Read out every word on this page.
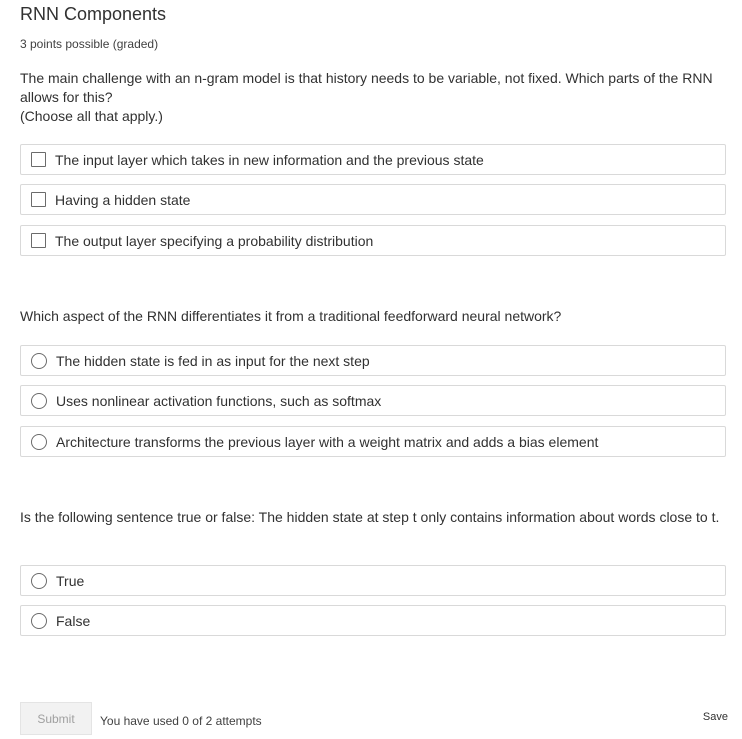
RNN Components
3 points possible (graded)
The main challenge with an n-gram model is that history needs to be variable, not fixed. Which parts of the RNN allows for this?
(Choose all that apply.)
The input layer which takes in new information and the previous state
Having a hidden state
The output layer specifying a probability distribution
Which aspect of the RNN differentiates it from a traditional feedforward neural network?
The hidden state is fed in as input for the next step
Uses nonlinear activation functions, such as softmax
Architecture transforms the previous layer with a weight matrix and adds a bias element
Is the following sentence true or false: The hidden state at step t only contains information about words close to t.
True
False
Submit	You have used 0 of 2 attempts	Save
